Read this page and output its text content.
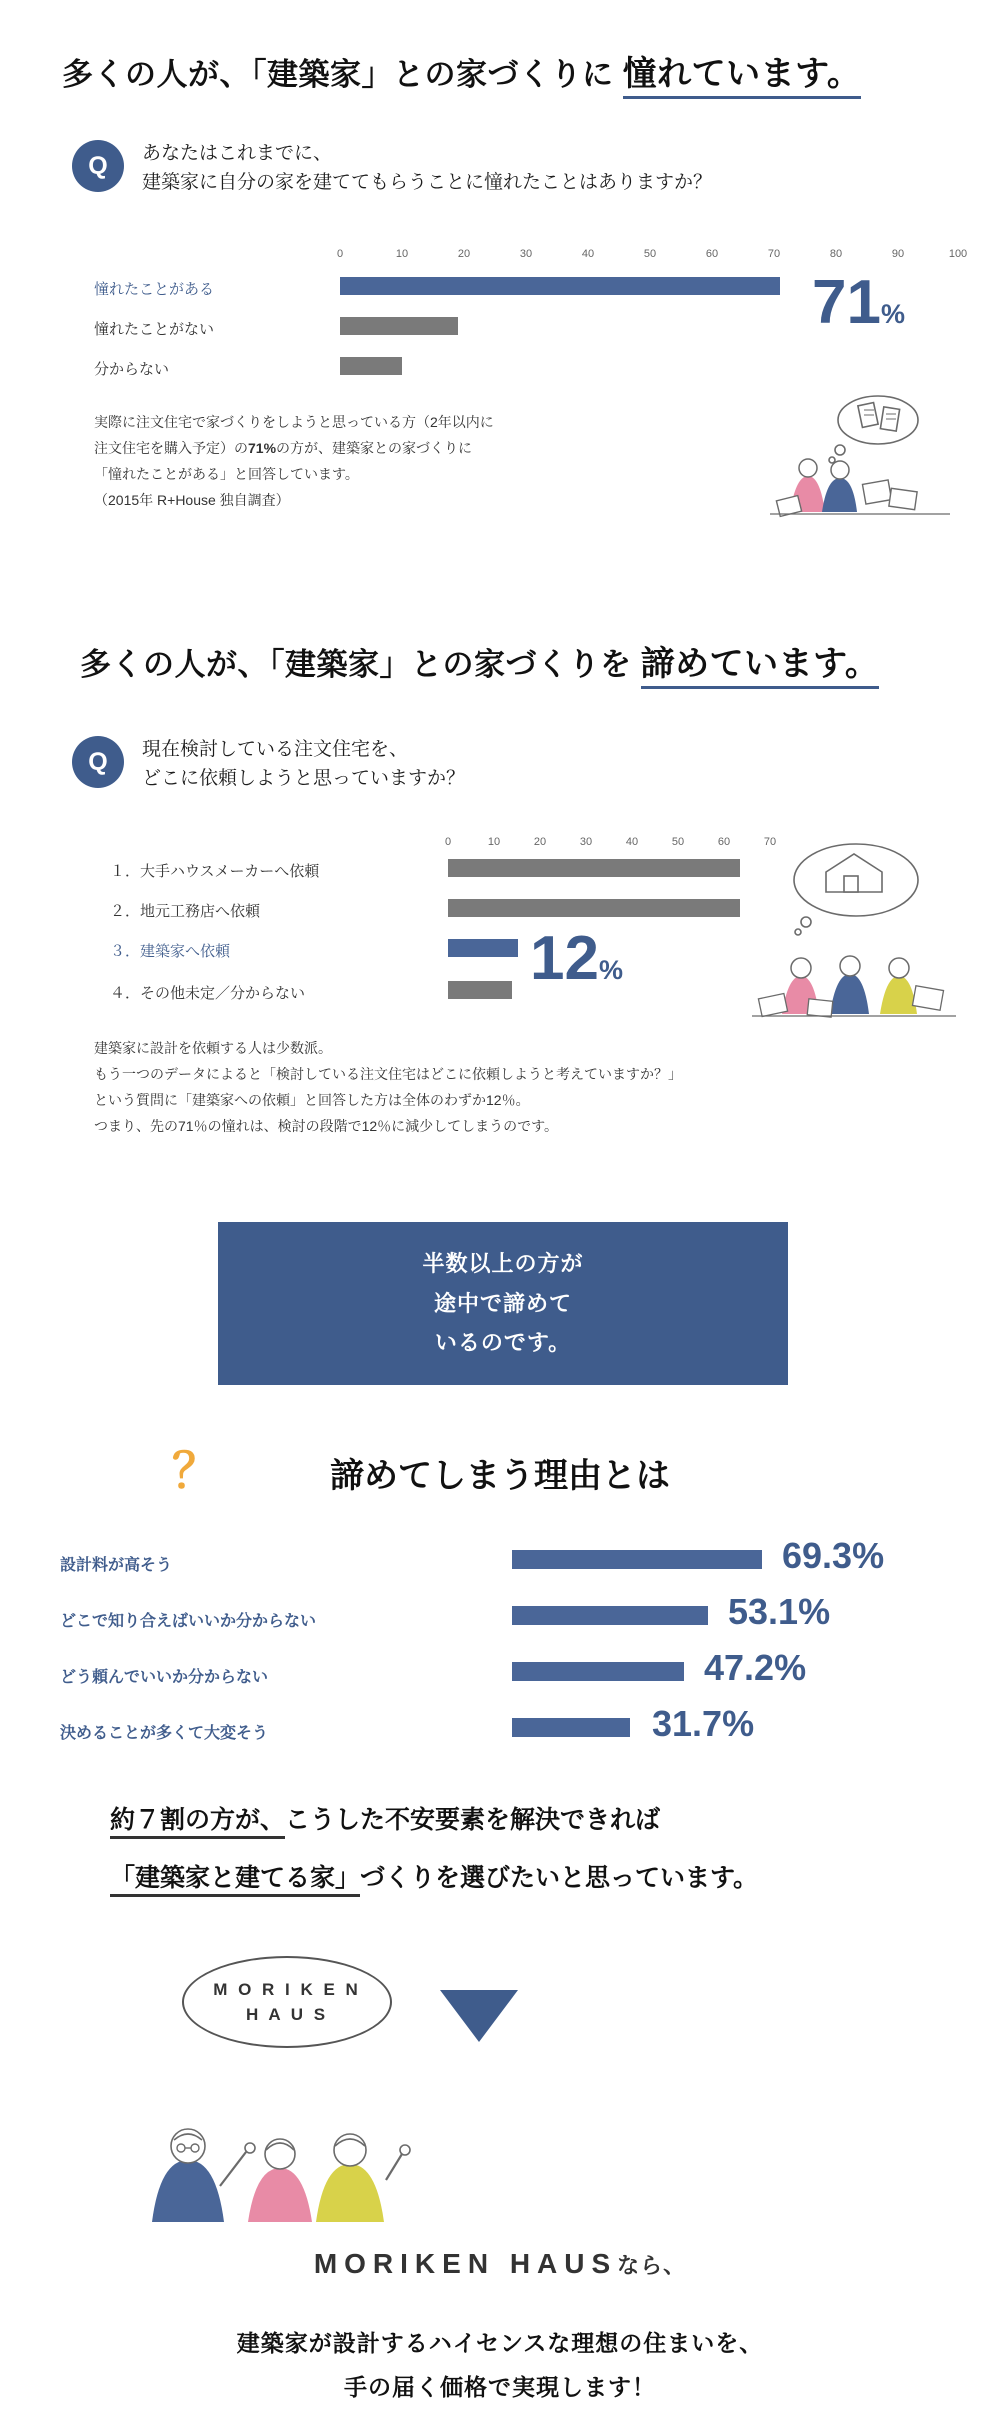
多くの人が、「建築家」との家づくりに 憧れています。
Q	あなたはこれまでに、
建築家に自分の家を建ててもらうことに憧れたことはありますか？
0	10	20	30	40	50	60	70	80	90	100
憧れたことがある
憧れたことがない
分からない
71%
実際に注文住宅で家づくりをしようと思っている方（2年以内に
注文住宅を購入予定）の71%の方が、建築家との家づくりに
「憧れたことがある」と回答しています。
（2015年 R+House 独自調査）
多くの人が、「建築家」との家づくりを 諦めています。
Q	現在検討している注文住宅を、
どこに依頼しようと思っていますか？
0	10	20	30	40	50	60	70
１．大手ハウスメーカーへ依頼
２．地元工務店へ依頼
３．建築家へ依頼
４．その他未定／分からない
12%
建築家に設計を依頼する人は少数派。
もう一つのデータによると「検討している注文住宅はどこに依頼しようと考えていますか？」
という質問に「建築家への依頼」と回答した方は全体のわずか12％。
つまり、先の71％の憧れは、検討の段階で12％に減少してしまうのです。
半数以上の方が
途中で諦めて
いるのです。
？	諦めてしまう理由とは
設計料が高そう	69.3%
どこで知り合えばいいか分からない	53.1%
どう頼んでいいか分からない	47.2%
決めることが多くて大変そう	31.7%
約７割の方が、こうした不安要素を解決できれば
「建築家と建てる家」づくりを選びたいと思っています。
M O R I K E N
H A U S
MORIKEN HAUSなら、
建築家が設計するハイセンスな理想の住まいを、
手の届く価格で実現します！
